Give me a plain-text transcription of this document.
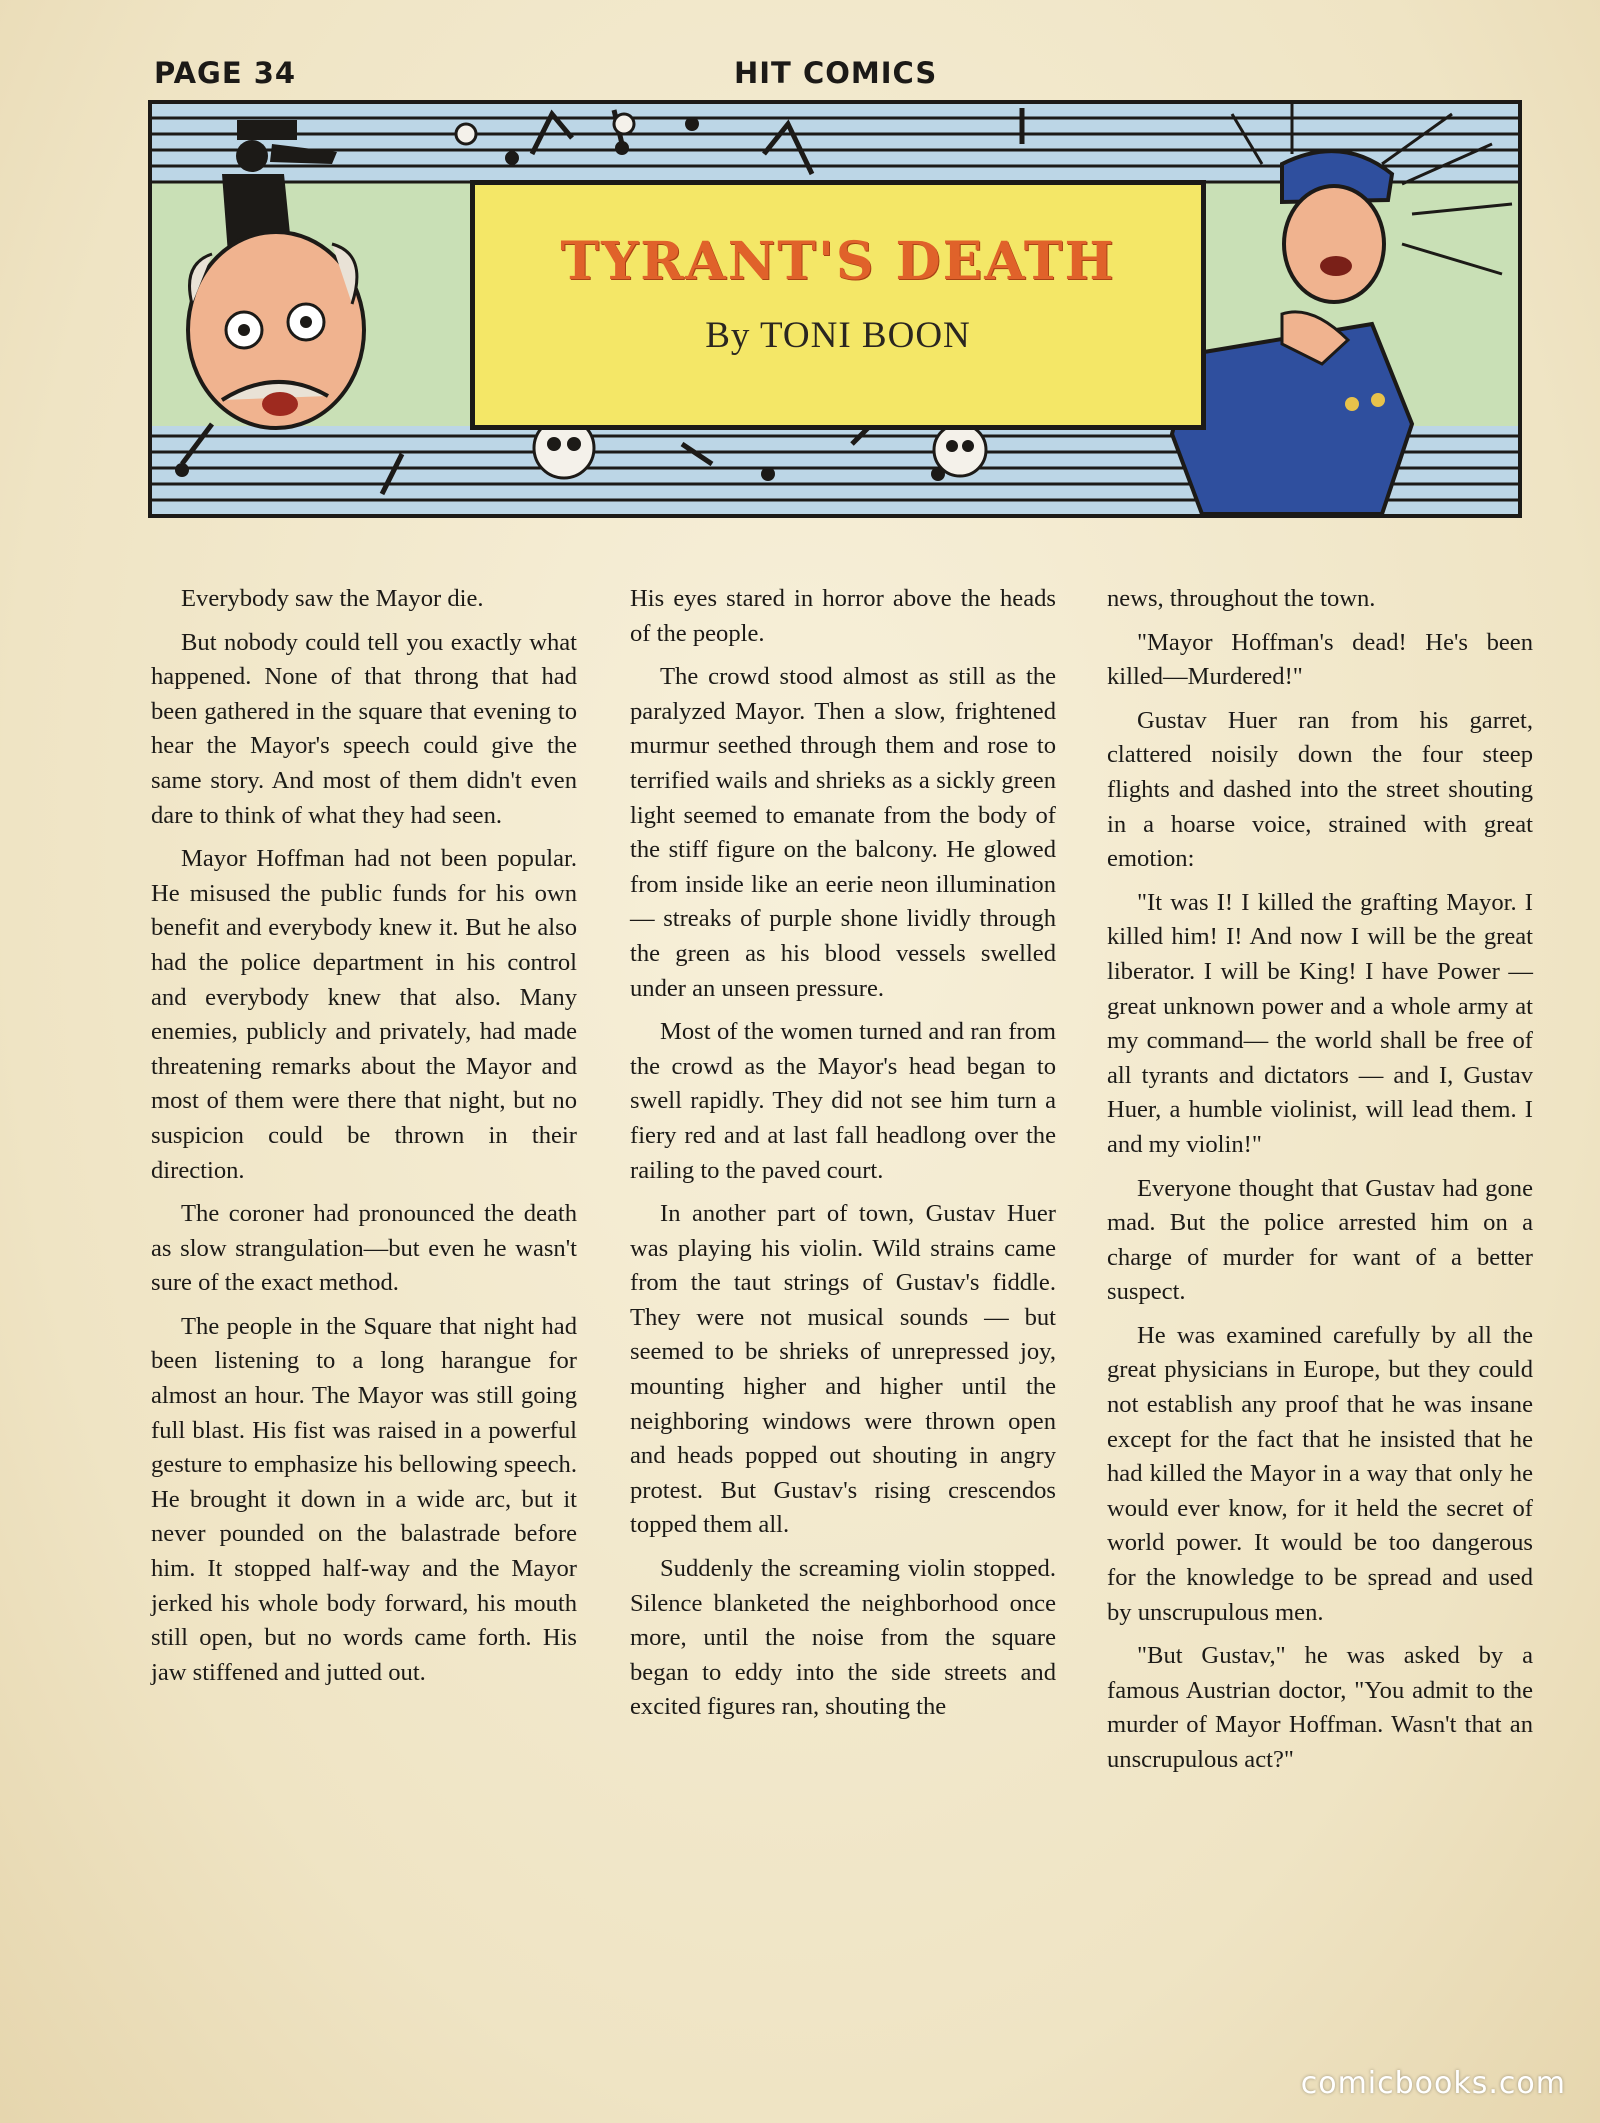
PAGE 34	HIT COMICS
TYRANT'S DEATH
By TONI BOON

Everybody saw the Mayor die.

But nobody could tell you exactly what happened. None of that throng that had been gathered in the square that evening to hear the Mayor's speech could give the same story. And most of them didn't even dare to think of what they had seen.

Mayor Hoffman had not been popular. He misused the public funds for his own benefit and everybody knew it. But he also had the police department in his control and everybody knew that also. Many enemies, publicly and privately, had made threatening remarks about the Mayor and most of them were there that night, but no suspicion could be thrown in their direction.

The coroner had pronounced the death as slow strangulation—but even he wasn't sure of the exact method.

The people in the Square that night had been listening to a long harangue for almost an hour. The Mayor was still going full blast. His fist was raised in a powerful gesture to emphasize his bellowing speech. He brought it down in a wide arc, but it never pounded on the balastrade before him. It stopped half-way and the Mayor jerked his whole body forward, his mouth still open, but no words came forth. His jaw stiffened and jutted out.

His eyes stared in horror above the heads of the people.

The crowd stood almost as still as the paralyzed Mayor. Then a slow, frightened murmur seethed through them and rose to terrified wails and shrieks as a sickly green light seemed to emanate from the body of the stiff figure on the balcony. He glowed from inside like an eerie neon illumination — streaks of purple shone lividly through the green as his blood vessels swelled under an unseen pressure.

Most of the women turned and ran from the crowd as the Mayor's head began to swell rapidly. They did not see him turn a fiery red and at last fall headlong over the railing to the paved court.

In another part of town, Gustav Huer was playing his violin. Wild strains came from the taut strings of Gustav's fiddle. They were not musical sounds — but seemed to be shrieks of unrepressed joy, mounting higher and higher until the neighboring windows were thrown open and heads popped out shouting in angry protest. But Gustav's rising crescendos topped them all.

Suddenly the screaming violin stopped. Silence blanketed the neighborhood once more, until the noise from the square began to eddy into the side streets and excited figures ran, shouting the

news, throughout the town.

"Mayor Hoffman's dead! He's been killed—Murdered!"

Gustav Huer ran from his garret, clattered noisily down the four steep flights and dashed into the street shouting in a hoarse voice, strained with great emotion:

"It was I! I killed the grafting Mayor. I killed him! I! And now I will be the great liberator. I will be King! I have Power — great unknown power and a whole army at my command— the world shall be free of all tyrants and dictators — and I, Gustav Huer, a humble violinist, will lead them. I and my violin!"

Everyone thought that Gustav had gone mad. But the police arrested him on a charge of murder for want of a better suspect.

He was examined carefully by all the great physicians in Europe, but they could not establish any proof that he was insane except for the fact that he insisted that he had killed the Mayor in a way that only he would ever know, for it held the secret of world power. It would be too dangerous for the knowledge to be spread and used by unscrupulous men.

"But Gustav," he was asked by a famous Austrian doctor, "You admit to the murder of Mayor Hoffman. Wasn't that an unscrupulous act?"

comicbooks.com
